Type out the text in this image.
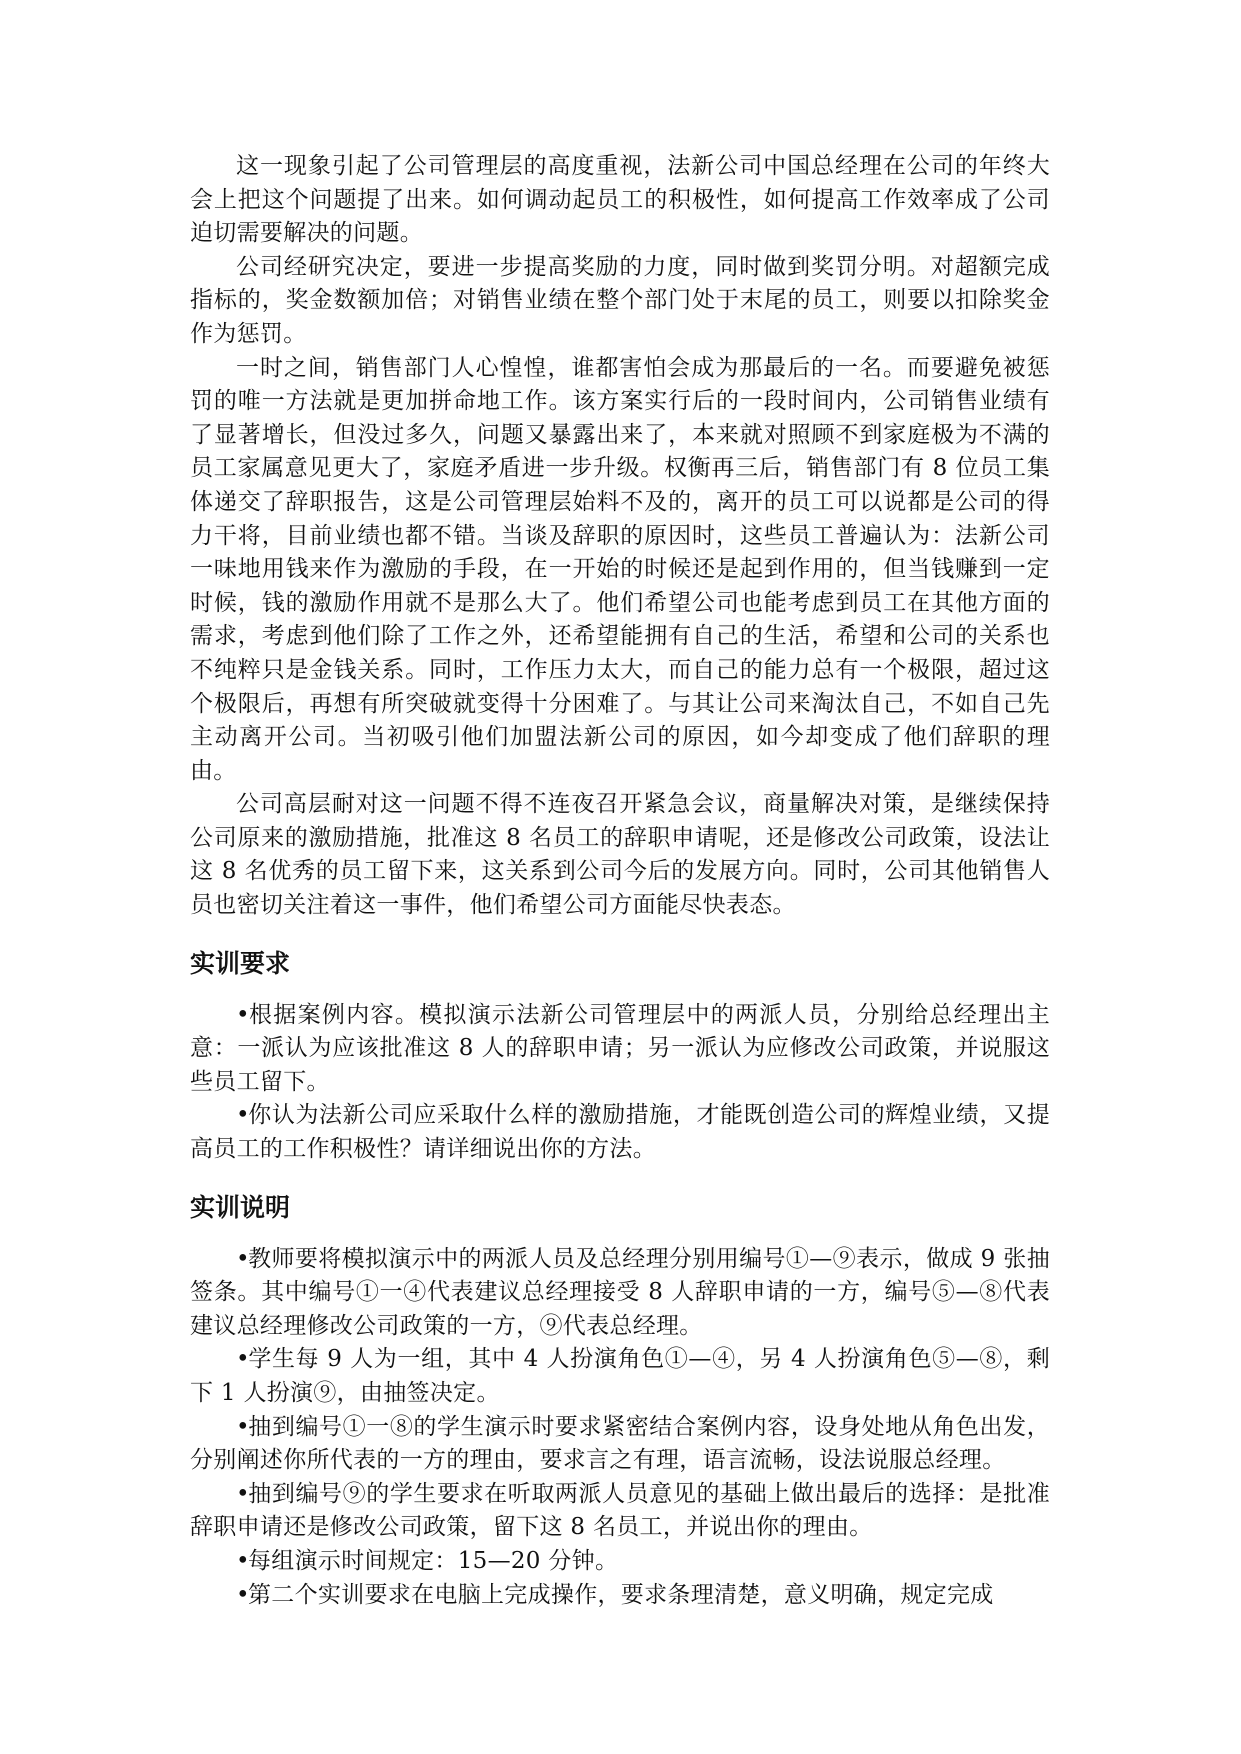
这一现象引起了公司管理层的高度重视，法新公司中国总经理在公司的年终大会上把这个问题提了出来。如何调动起员工的积极性，如何提高工作效率成了公司迫切需要解决的问题。

公司经研究决定，要进一步提高奖励的力度，同时做到奖罚分明。对超额完成指标的，奖金数额加倍；对销售业绩在整个部门处于末尾的员工，则要以扣除奖金作为惩罚。

一时之间，销售部门人心惶惶，谁都害怕会成为那最后的一名。而要避免被惩罚的唯一方法就是更加拼命地工作。该方案实行后的一段时间内，公司销售业绩有了显著增长，但没过多久，问题又暴露出来了，本来就对照顾不到家庭极为不满的员工家属意见更大了，家庭矛盾进一步升级。权衡再三后，销售部门有 8 位员工集体递交了辞职报告，这是公司管理层始料不及的，离开的员工可以说都是公司的得力干将，目前业绩也都不错。当谈及辞职的原因时，这些员工普遍认为：法新公司一味地用钱来作为激励的手段，在一开始的时候还是起到作用的，但当钱赚到一定时候，钱的激励作用就不是那么大了。他们希望公司也能考虑到员工在其他方面的需求，考虑到他们除了工作之外，还希望能拥有自己的生活，希望和公司的关系也不纯粹只是金钱关系。同时，工作压力太大，而自己的能力总有一个极限，超过这个极限后，再想有所突破就变得十分困难了。与其让公司来淘汰自己，不如自己先主动离开公司。当初吸引他们加盟法新公司的原因，如今却变成了他们辞职的理由。

公司高层耐对这一问题不得不连夜召开紧急会议，商量解决对策，是继续保持公司原来的激励措施，批准这 8 名员工的辞职申请呢，还是修改公司政策，设法让这 8 名优秀的员工留下来，这关系到公司今后的发展方向。同时，公司其他销售人员也密切关注着这一事件，他们希望公司方面能尽快表态。

实训要求

•根据案例内容。模拟演示法新公司管理层中的两派人员，分别给总经理出主意：一派认为应该批准这 8 人的辞职申请；另一派认为应修改公司政策，并说服这些员工留下。

•你认为法新公司应采取什么样的激励措施，才能既创造公司的辉煌业绩，又提高员工的工作积极性？请详细说出你的方法。

实训说明

•教师要将模拟演示中的两派人员及总经理分别用编号①—⑨表示，做成 9 张抽签条。其中编号①一④代表建议总经理接受 8 人辞职申请的一方，编号⑤—⑧代表建议总经理修改公司政策的一方，⑨代表总经理。

•学生每 9 人为一组，其中 4 人扮演角色①—④，另 4 人扮演角色⑤—⑧，剩下 1 人扮演⑨，由抽签决定。

•抽到编号①一⑧的学生演示时要求紧密结合案例内容，设身处地从角色出发，分别阐述你所代表的一方的理由，要求言之有理，语言流畅，设法说服总经理。

•抽到编号⑨的学生要求在听取两派人员意见的基础上做出最后的选择：是批准辞职申请还是修改公司政策，留下这 8 名员工，并说出你的理由。

•每组演示时间规定：15—20 分钟。

•第二个实训要求在电脑上完成操作，要求条理清楚，意义明确，规定完成
